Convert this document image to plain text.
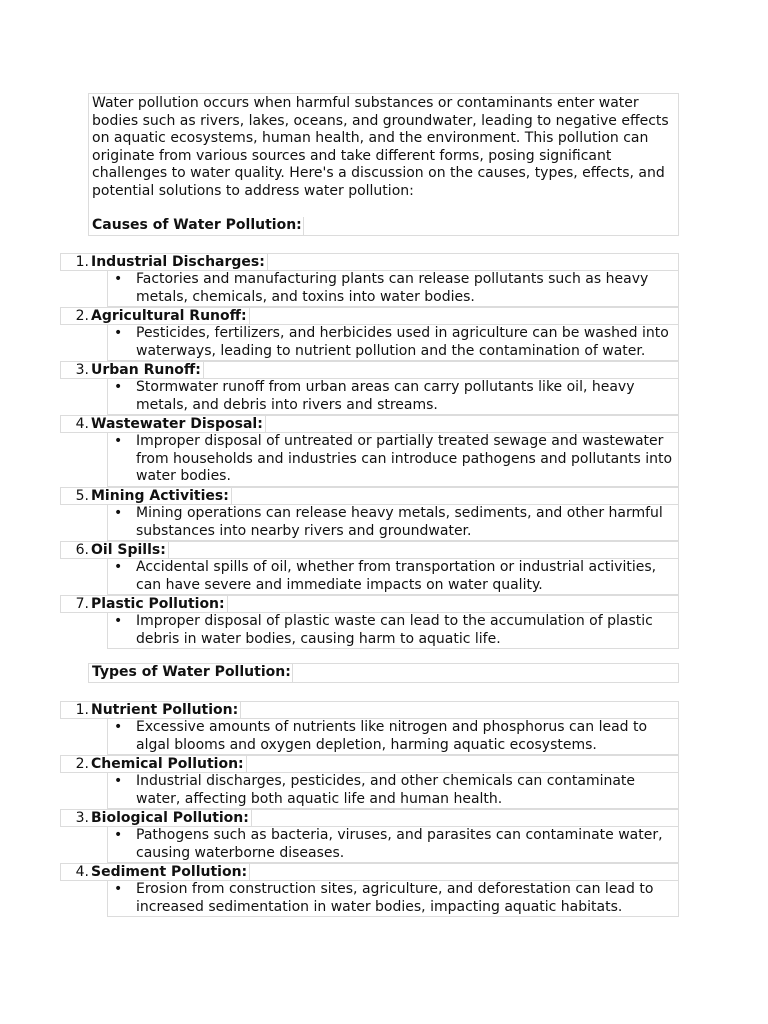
Water pollution occurs when harmful substances or contaminants enter water bodies such as rivers, lakes, oceans, and groundwater, leading to negative effects on aquatic ecosystems, human health, and the environment. This pollution can originate from various sources and take different forms, posing significant challenges to water quality. Here's a discussion on the causes, types, effects, and potential solutions to address water pollution:

Causes of Water Pollution:
1. Industrial Discharges:
• Factories and manufacturing plants can release pollutants such as heavy metals, chemicals, and toxins into water bodies.
2. Agricultural Runoff:
• Pesticides, fertilizers, and herbicides used in agriculture can be washed into waterways, leading to nutrient pollution and the contamination of water.
3. Urban Runoff:
• Stormwater runoff from urban areas can carry pollutants like oil, heavy metals, and debris into rivers and streams.
4. Wastewater Disposal:
• Improper disposal of untreated or partially treated sewage and wastewater from households and industries can introduce pathogens and pollutants into water bodies.
5. Mining Activities:
• Mining operations can release heavy metals, sediments, and other harmful substances into nearby rivers and groundwater.
6. Oil Spills:
• Accidental spills of oil, whether from transportation or industrial activities, can have severe and immediate impacts on water quality.
7. Plastic Pollution:
• Improper disposal of plastic waste can lead to the accumulation of plastic debris in water bodies, causing harm to aquatic life.
Types of Water Pollution:
1. Nutrient Pollution:
• Excessive amounts of nutrients like nitrogen and phosphorus can lead to algal blooms and oxygen depletion, harming aquatic ecosystems.
2. Chemical Pollution:
• Industrial discharges, pesticides, and other chemicals can contaminate water, affecting both aquatic life and human health.
3. Biological Pollution:
• Pathogens such as bacteria, viruses, and parasites can contaminate water, causing waterborne diseases.
4. Sediment Pollution:
• Erosion from construction sites, agriculture, and deforestation can lead to increased sedimentation in water bodies, impacting aquatic habitats.
